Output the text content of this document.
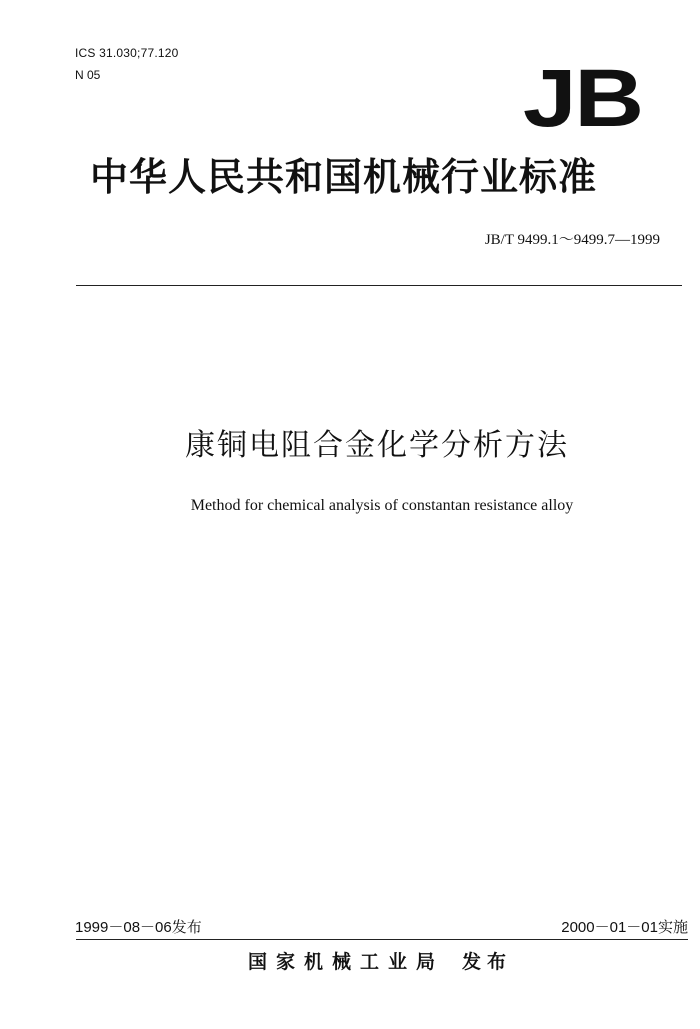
ICS 31.030;77.120
N 05	JB
中华人民共和国机械行业标准
JB/T 9499.1～9499.7—1999
康铜电阻合金化学分析方法
Method for chemical analysis of constantan resistance alloy
1999－08－06发布	2000－01－01实施
国家机械工业局 发布
